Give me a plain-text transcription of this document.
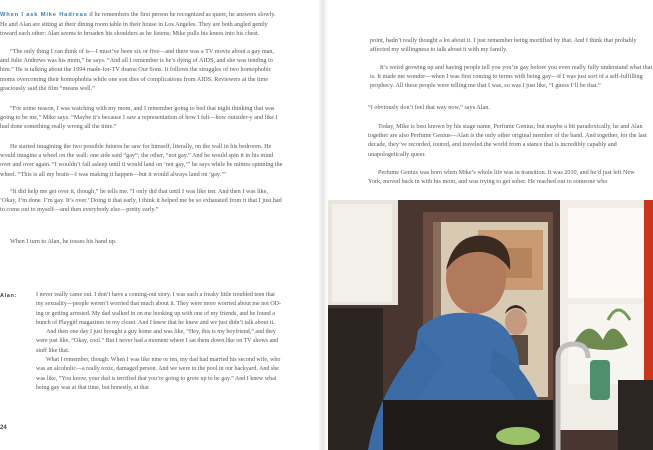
When I ask Mike Hadreas if he remembers the first person he recognized as queer, he answers slowly. He and Alan are sitting at their dining room table in their house in Los Angeles. They are both angled gently toward each other: Alan seems to broaden his shoulders as he listens; Mike pulls his knees into his chest.

“The only thing I can think of is—I must’ve been six or five—and there was a TV movie about a gay man, and Julie Andrews was his mom,” he says. “And all I remember is he’s dying of AIDS, and she was tending to him.” He is talking about the 1994 made-for-TV drama Our Sons. It follows the struggles of two homophobic moms overcoming their homophobia while one son dies of complications from AIDS. Reviewers at the time graciously said the film “means well.”

“For some reason, I was watching with my mom, and I remember going to bed that night thinking that was going to be me,” Mike says. “Maybe it’s because I saw a representation of how I felt—how outsider-y and like I had done something really wrong all the time.”

He started imagining the two possible futures he saw for himself, literally, on the wall in his bedroom. He would imagine a wheel on the wall: one side said “gay”; the other, “not gay.” And he would spin it in his mind over and over again. “I wouldn’t fall asleep until it would land on ‘not gay,’” he says while he mimes spinning the wheel. “This is all my brain—I was making it happen—but it would always land on ‘gay.’”

“It did help me get over it, though,” he tells me. “I only did that until I was like ten. And then I was like, ‘Okay, I’m done. I’m gay. It’s over.’ Doing it that early, I think it helped me be so exhausted from it that I just had to come out to myself—and then everybody else—pretty early.”

When I turn to Alan, he tosses his hand up.

Alan:	I never really came out. I don’t have a coming-out story. I was such a freaky little troubled teen that my sexuality—people weren’t worried that much about it. They were more worried about me not OD-ing or getting arrested. My dad walked in on me hooking up with one of my friends, and he found a bunch of Playgirl magazines in my closet. And I knew that he knew and we just didn’t talk about it.

And then one day I just brought a guy home and was like, “Hey, this is my boyfriend,” and they were just like, “Okay, cool.” But I never had a moment where I sat them down like on TV shows and stuff like that.

What I remember, though: When I was like nine or ten, my dad had married his second wife, who was an alcoholic—a really toxic, damaged person. And we were in the pool in our backyard. And she was like, “You know, your dad is terrified that you’re going to grow up to be gay.” And I knew what being gay was at that time, but honestly, at that

24

point, hadn’t really thought a lot about it. I just remember being mortified by that. And I think that probably affected my willingness to talk about it with my family.

It’s weird growing up and having people tell you you’re gay before you even really fully understand what that is. It made me wonder—when I was first coming to terms with being gay—if I was just sort of a self-fulfilling prophecy. All these people were telling me that I was, so was I just like, “I guess I’ll be that.”

“I obviously don’t feel that way now,” says Alan.

Today, Mike is best known by his stage name, Perfume Genius; but maybe a bit paradoxically, he and Alan together are also Perfume Genius—Alan is the only other original member of the band. And together, for the last decade, they’ve recorded, toured, and traveled the world from a stance that is incredibly capably and unapologetically queer.

Perfume Genius was born when Mike’s whole life was in transition. It was 2010, and he’d just left New York, moved back in with his mom, and was trying to get sober. He reached out to someone who
